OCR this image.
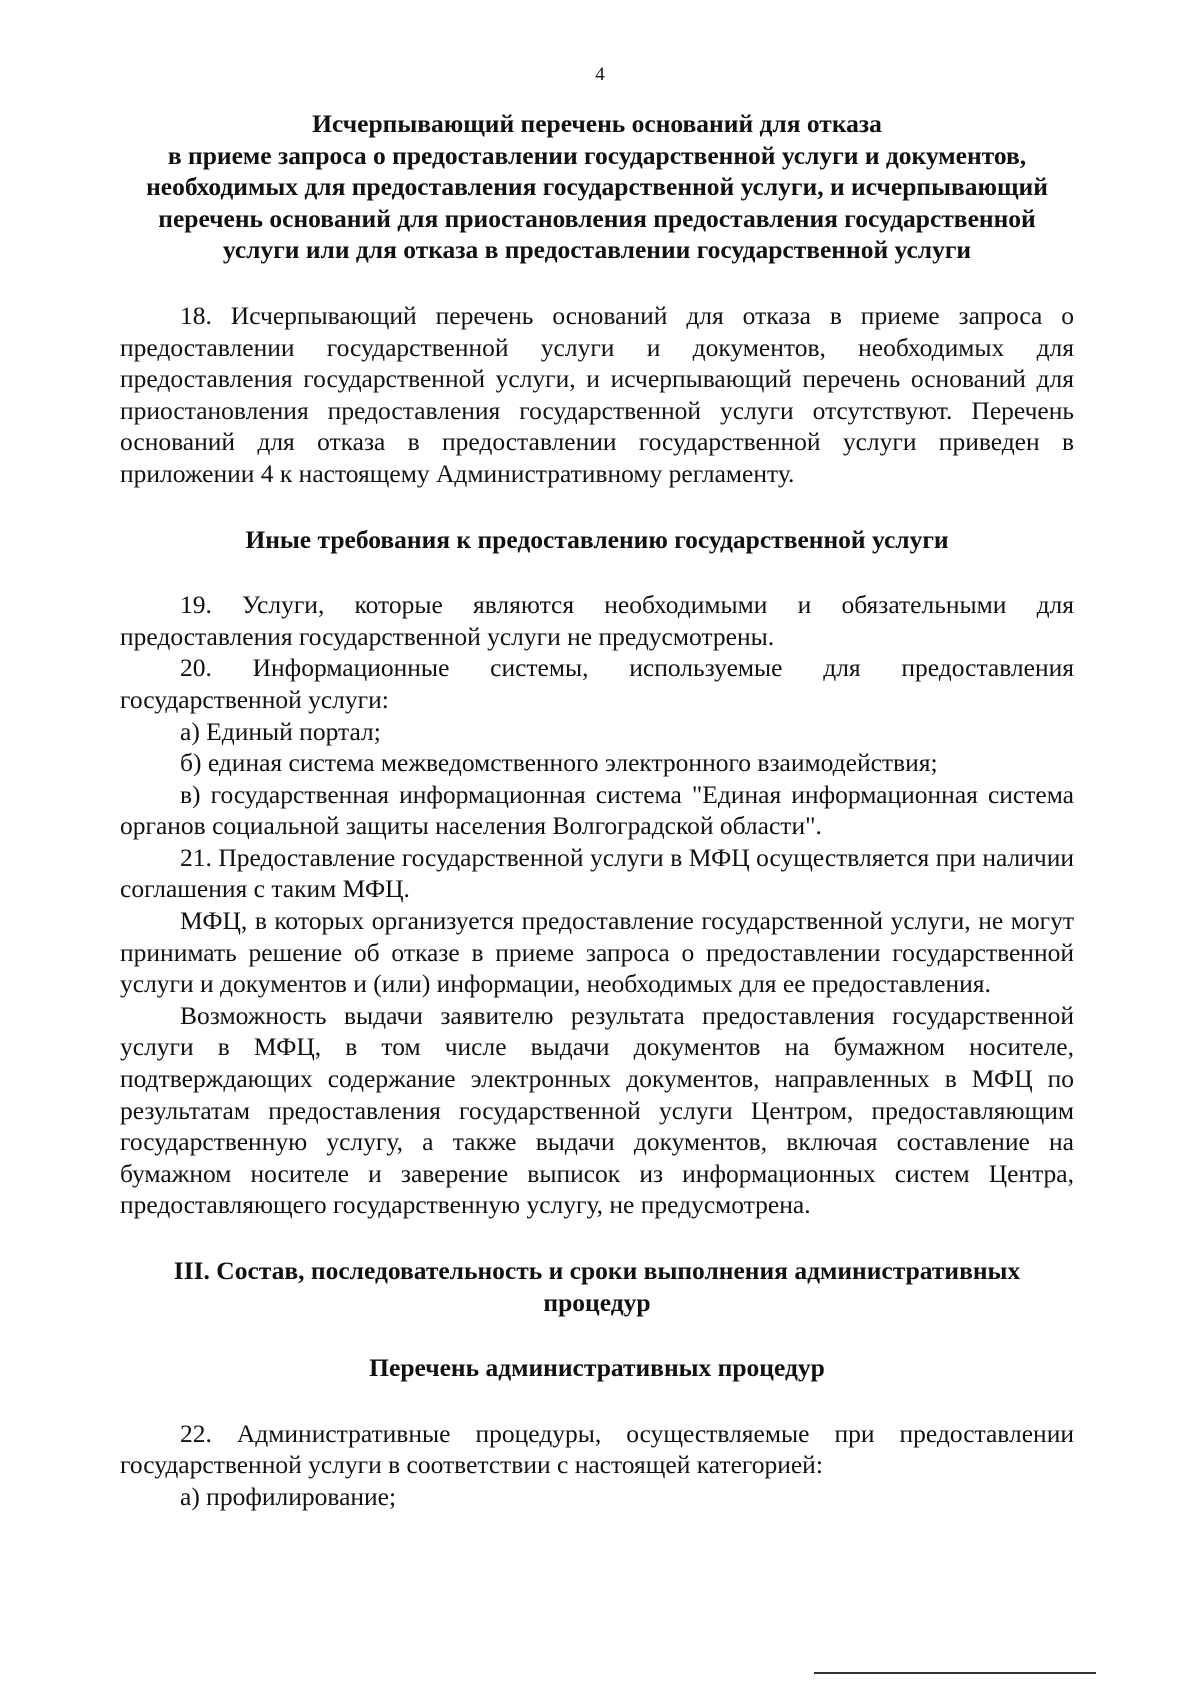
4

Исчерпывающий перечень оснований для отказа
в приеме запроса о предоставлении государственной услуги и документов,
необходимых для предоставления государственной услуги, и исчерпывающий
перечень оснований для приостановления предоставления государственной
услуги или для отказа в предоставлении государственной услуги

18. Исчерпывающий перечень оснований для отказа в приеме запроса о предоставлении государственной услуги и документов, необходимых для предоставления государственной услуги, и исчерпывающий перечень оснований для приостановления предоставления государственной услуги отсутствуют. Перечень оснований для отказа в предоставлении государственной услуги приведен в приложении 4 к настоящему Административному регламенту.

Иные требования к предоставлению государственной услуги

19. Услуги, которые являются необходимыми и обязательными для предоставления государственной услуги не предусмотрены.

20. Информационные системы, используемые для предоставления государственной услуги:

а) Единый портал;

б) единая система межведомственного электронного взаимодействия;

в) государственная информационная система "Единая информационная система органов социальной защиты населения Волгоградской области".

21. Предоставление государственной услуги в МФЦ осуществляется при наличии соглашения с таким МФЦ.

МФЦ, в которых организуется предоставление государственной услуги, не могут принимать решение об отказе в приеме запроса о предоставлении государственной услуги и документов и (или) информации, необходимых для ее предоставления.

Возможность выдачи заявителю результата предоставления государственной услуги в МФЦ, в том числе выдачи документов на бумажном носителе, подтверждающих содержание электронных документов, направленных в МФЦ по результатам предоставления государственной услуги Центром, предоставляющим государственную услугу, а также выдачи документов, включая составление на бумажном носителе и заверение выписок из информационных систем Центра, предоставляющего государственную услугу, не предусмотрена.

III. Состав, последовательность и сроки выполнения административных
процедур

Перечень административных процедур

22. Административные процедуры, осуществляемые при предоставлении государственной услуги в соответствии с настоящей категорией:

а) профилирование;
